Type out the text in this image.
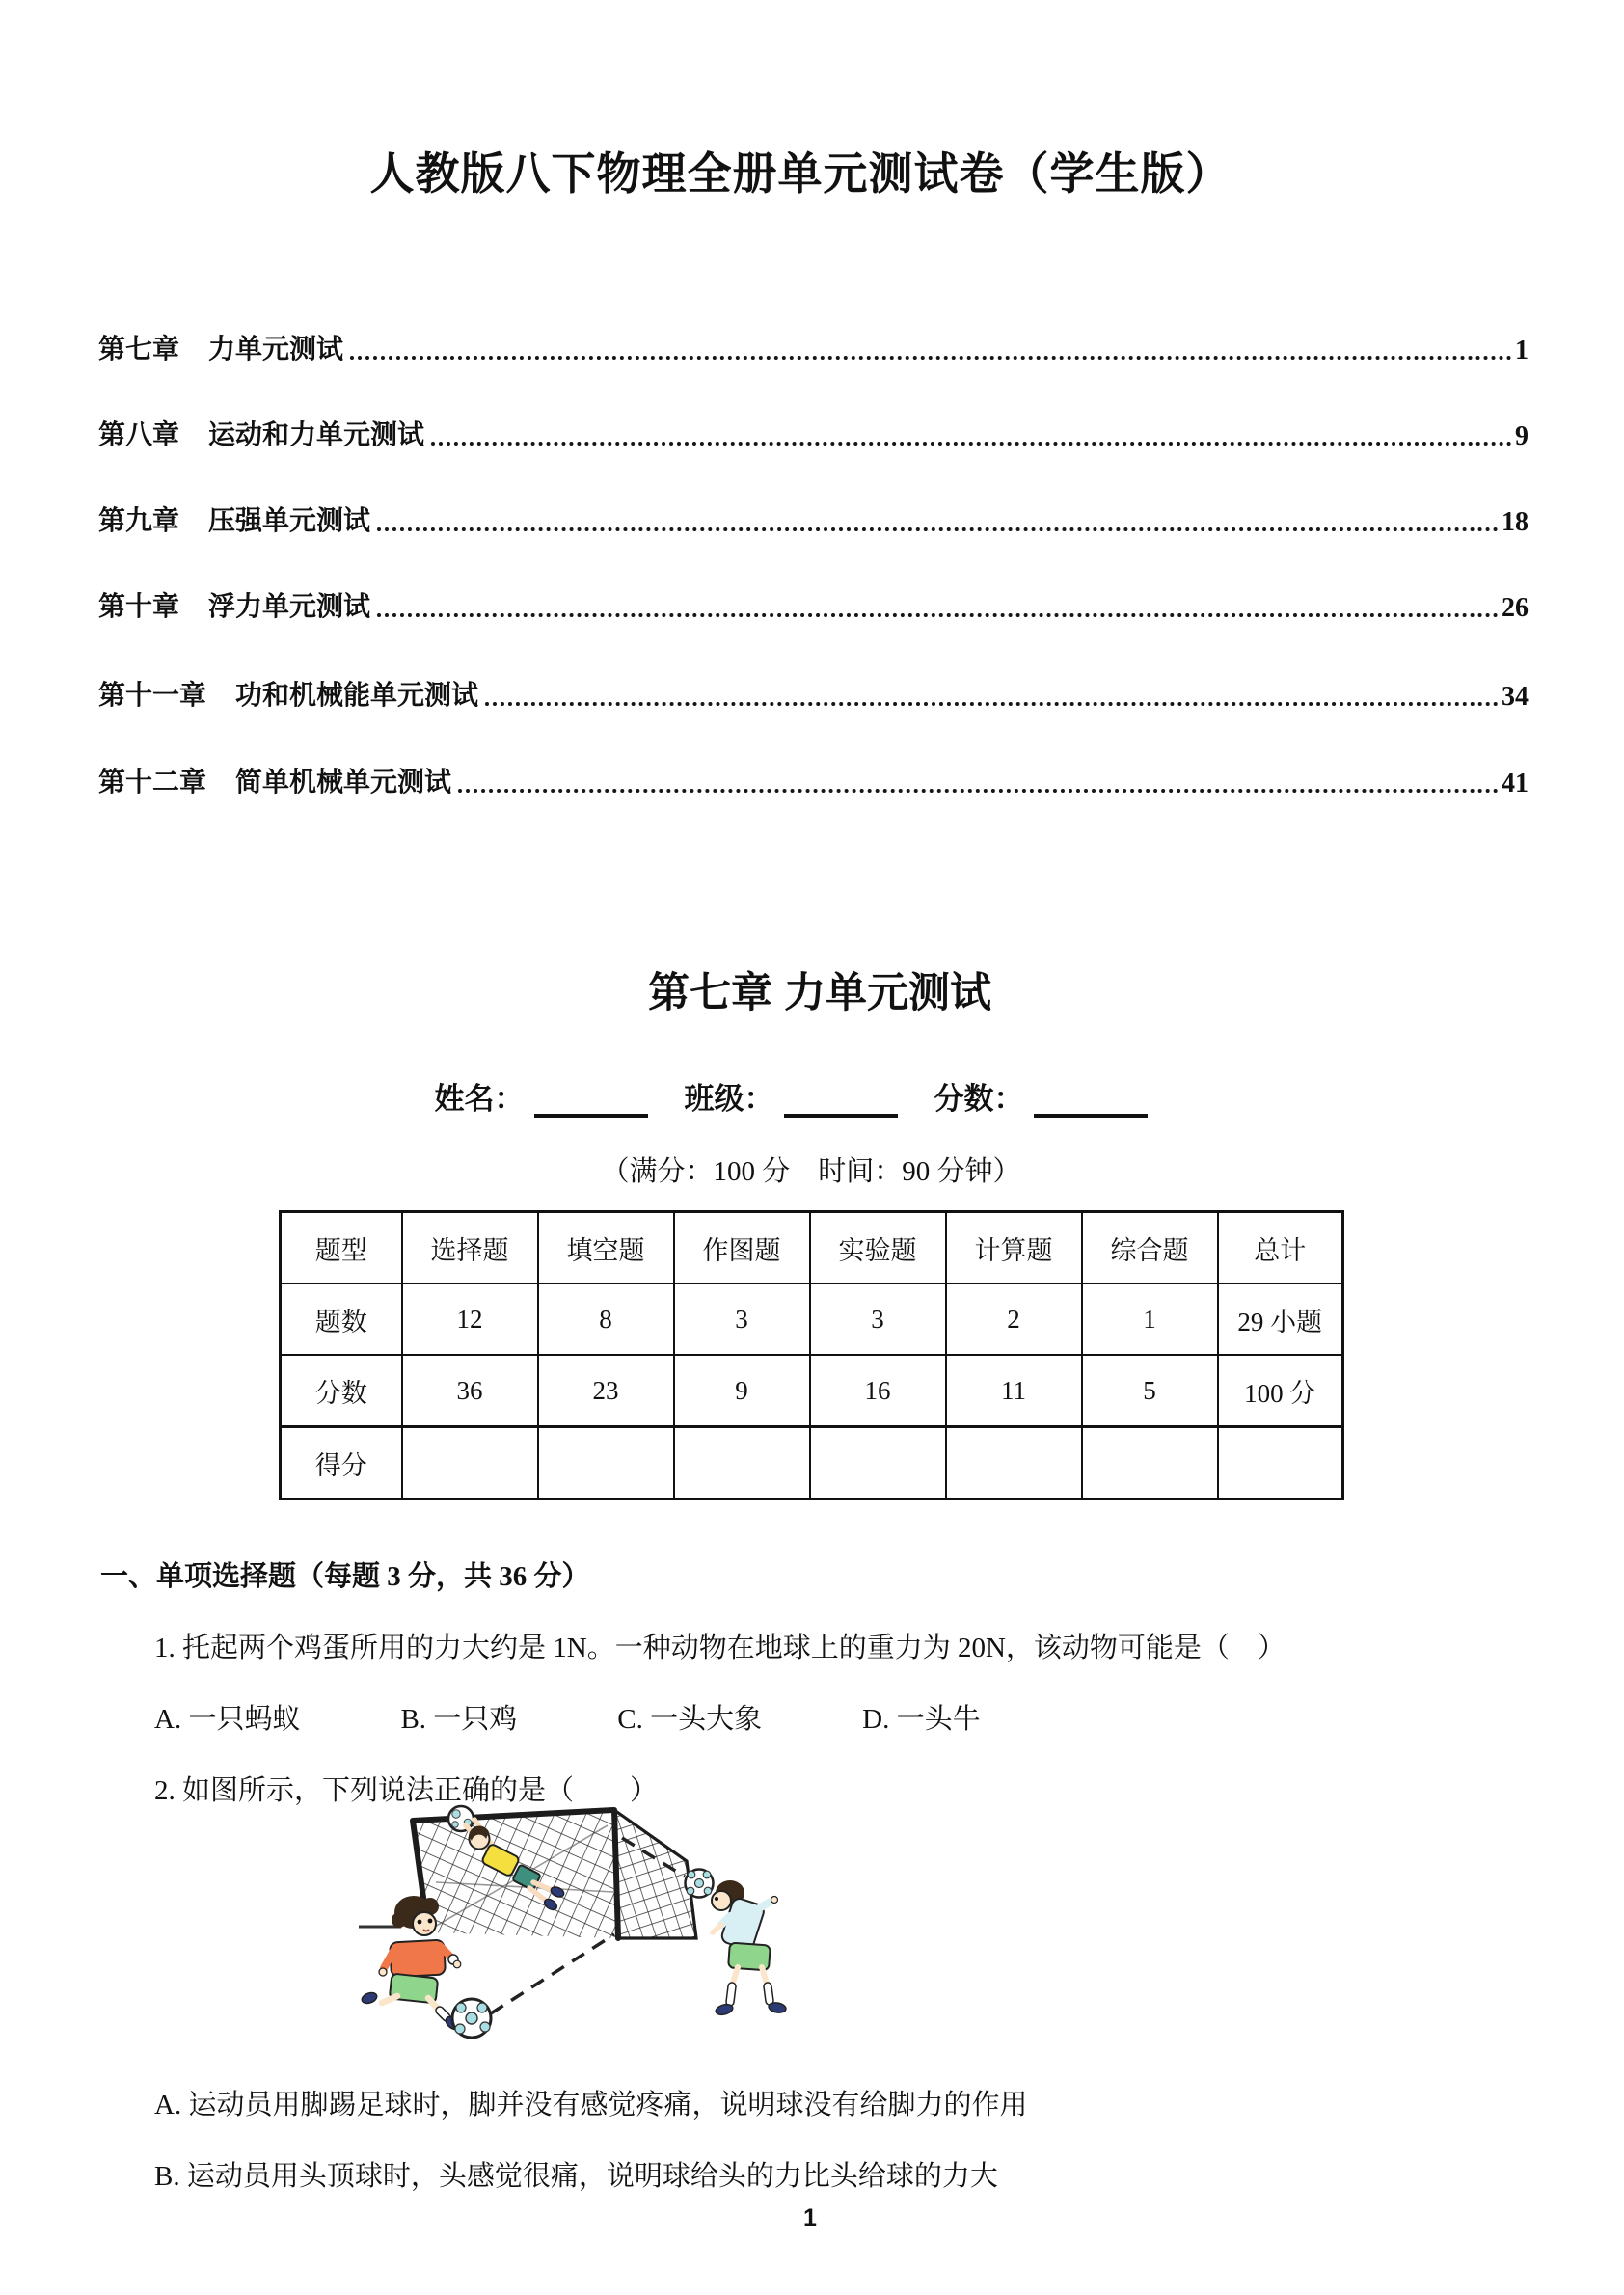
人教版八下物理全册单元测试卷（学生版）
第七章 力单元测试	1
第八章 运动和力单元测试	9
第九章 压强单元测试	18
第十章 浮力单元测试	26
第十一章 功和机械能单元测试	34
第十二章 简单机械单元测试	41
第七章 力单元测试
姓名：	班级：	分数：
（满分：100 分　时间：90 分钟）
题型	选择题	填空题	作图题	实验题	计算题	综合题	总计
题数	12	8	3	3	2	1	29 小题
分数	36	23	9	16	11	5	100 分
得分							
一、单项选择题（每题 3 分，共 36 分）
1. 托起两个鸡蛋所用的力大约是 1N。一种动物在地球上的重力为 20N，该动物可能是（　）
A. 一只蚂蚁	B. 一只鸡	C. 一头大象	D. 一头牛
2. 如图所示，下列说法正确的是（　　）
A. 运动员用脚踢足球时，脚并没有感觉疼痛，说明球没有给脚力的作用
B. 运动员用头顶球时，头感觉很痛，说明球给头的力比头给球的力大
1
